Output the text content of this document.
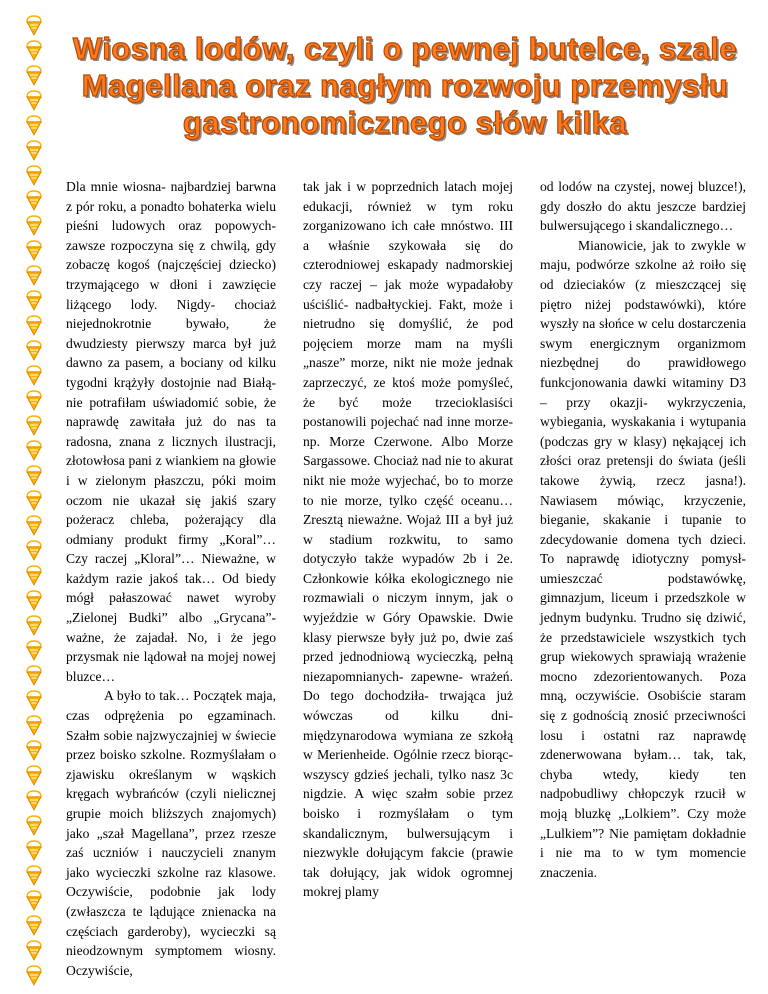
Wiosna lodów, czyli o pewnej butelce, szale Magellana oraz nagłym rozwoju przemysłu gastronomicznego słów kilka

Dla mnie wiosna- najbardziej barwna z pór roku, a ponadto bohaterka wielu pieśni ludowych oraz popowych- zawsze rozpoczyna się z chwilą, gdy zobaczę kogoś (najczęściej dziecko) trzymającego w dłoni i zawzięcie liżącego lody. Nigdy- chociaż niejednokrotnie bywało, że dwudziesty pierwszy marca był już dawno za pasem, a bociany od kilku tygodni krążyły dostojnie nad Białą- nie potrafiłam uświadomić sobie, że naprawdę zawitała już do nas ta radosna, znana z licznych ilustracji, złotowłosa pani z wiankiem na głowie i w zielonym płaszczu, póki moim oczom nie ukazał się jakiś szary pożeracz chleba, pożerający dla odmiany produkt firmy „Koral”… Czy raczej „Kloral”… Nieważne, w każdym razie jakoś tak… Od biedy mógł pałaszować nawet wyroby „Zielonej Budki” albo „Grycana”- ważne, że zajadał. No, i że jego przysmak nie lądował na mojej nowej bluzce…

A było to tak… Początek maja, czas odprężenia po egzaminach. Szałm sobie najzwyczajniej w świecie przez boisko szkolne. Rozmyślałam o zjawisku określanym w wąskich kręgach wybrańców (czyli nielicznej grupie moich bliższych znajomych) jako „szał Magellana”, przez rzesze zaś uczniów i nauczycieli znanym jako wycieczki szkolne raz klasowe. Oczywiście, podobnie jak lody (zwłaszcza te lądujące znienacka na częściach garderoby), wycieczki są nieodzownym symptomem wiosny. Oczywiście,

tak jak i w poprzednich latach mojej edukacji, również w tym roku zorganizowano ich całe mnóstwo. III a właśnie szykowała się do czterodniowej eskapady nadmorskiej czy raczej – jak może wypadałoby uściślić- nadbałtyckiej. Fakt, może i nietrudno się domyślić, że pod pojęciem morze mam na myśli „nasze” morze, nikt nie może jednak zaprzeczyć, ze ktoś może pomyśleć, że być może trzecioklasiści postanowili pojechać nad inne morze- np. Morze Czerwone. Albo Morze Sargassowe. Chociaż nad nie to akurat nikt nie może wyjechać, bo to morze to nie morze, tylko część oceanu… Zresztą nieważne. Wojaż III a był już w stadium rozkwitu, to samo dotyczyło także wypadów 2b i 2e. Członkowie kółka ekologicznego nie rozmawiali o niczym innym, jak o wyjeździe w Góry Opawskie. Dwie klasy pierwsze były już po, dwie zaś przed jednodniową wycieczką, pełną niezapomnianych- zapewne- wrażeń. Do tego dochodziła- trwająca już wówczas od kilku dni- międzynarodowa wymiana ze szkołą w Merienheide. Ogólnie rzecz biorąc- wszyscy gdzieś jechali, tylko nasz 3c nigdzie. A więc szałm sobie przez boisko i rozmyślałam o tym skandalicznym, bulwersującym i niezwykle dołującym fakcie (prawie tak dołujący, jak widok ogromnej mokrej plamy

od lodów na czystej, nowej bluzce!), gdy doszło do aktu jeszcze bardziej bulwersującego i skandalicznego…

Mianowicie, jak to zwykle w maju, podwórze szkolne aż roiło się od dzieciaków (z mieszczącej się piętro niżej podstawówki), które wyszły na słońce w celu dostarczenia swym energicznym organizmom niezbędnej do prawidłowego funkcjonowania dawki witaminy D3 – przy okazji- wykrzyczenia, wybiegania, wyskakania i wytupania (podczas gry w klasy) nękającej ich złości oraz pretensji do świata (jeśli takowe żywią, rzecz jasna!). Nawiasem mówiąc, krzyczenie, bieganie, skakanie i tupanie to zdecydowanie domena tych dzieci. To naprawdę idiotyczny pomysł- umieszczać podstawówkę, gimnazjum, liceum i przedszkole w jednym budynku. Trudno się dziwić, że przedstawiciele wszystkich tych grup wiekowych sprawiają wrażenie mocno zdezorientowanych. Poza mną, oczywiście. Osobiście staram się z godnością znosić przeciwności losu i ostatni raz naprawdę zdenerwowana byłam… tak, tak, chyba wtedy, kiedy ten nadpobudliwy chłopczyk rzucił w moją bluzkę „Lolkiem”. Czy może „Lulkiem”? Nie pamiętam dokładnie i nie ma to w tym momencie znaczenia.
